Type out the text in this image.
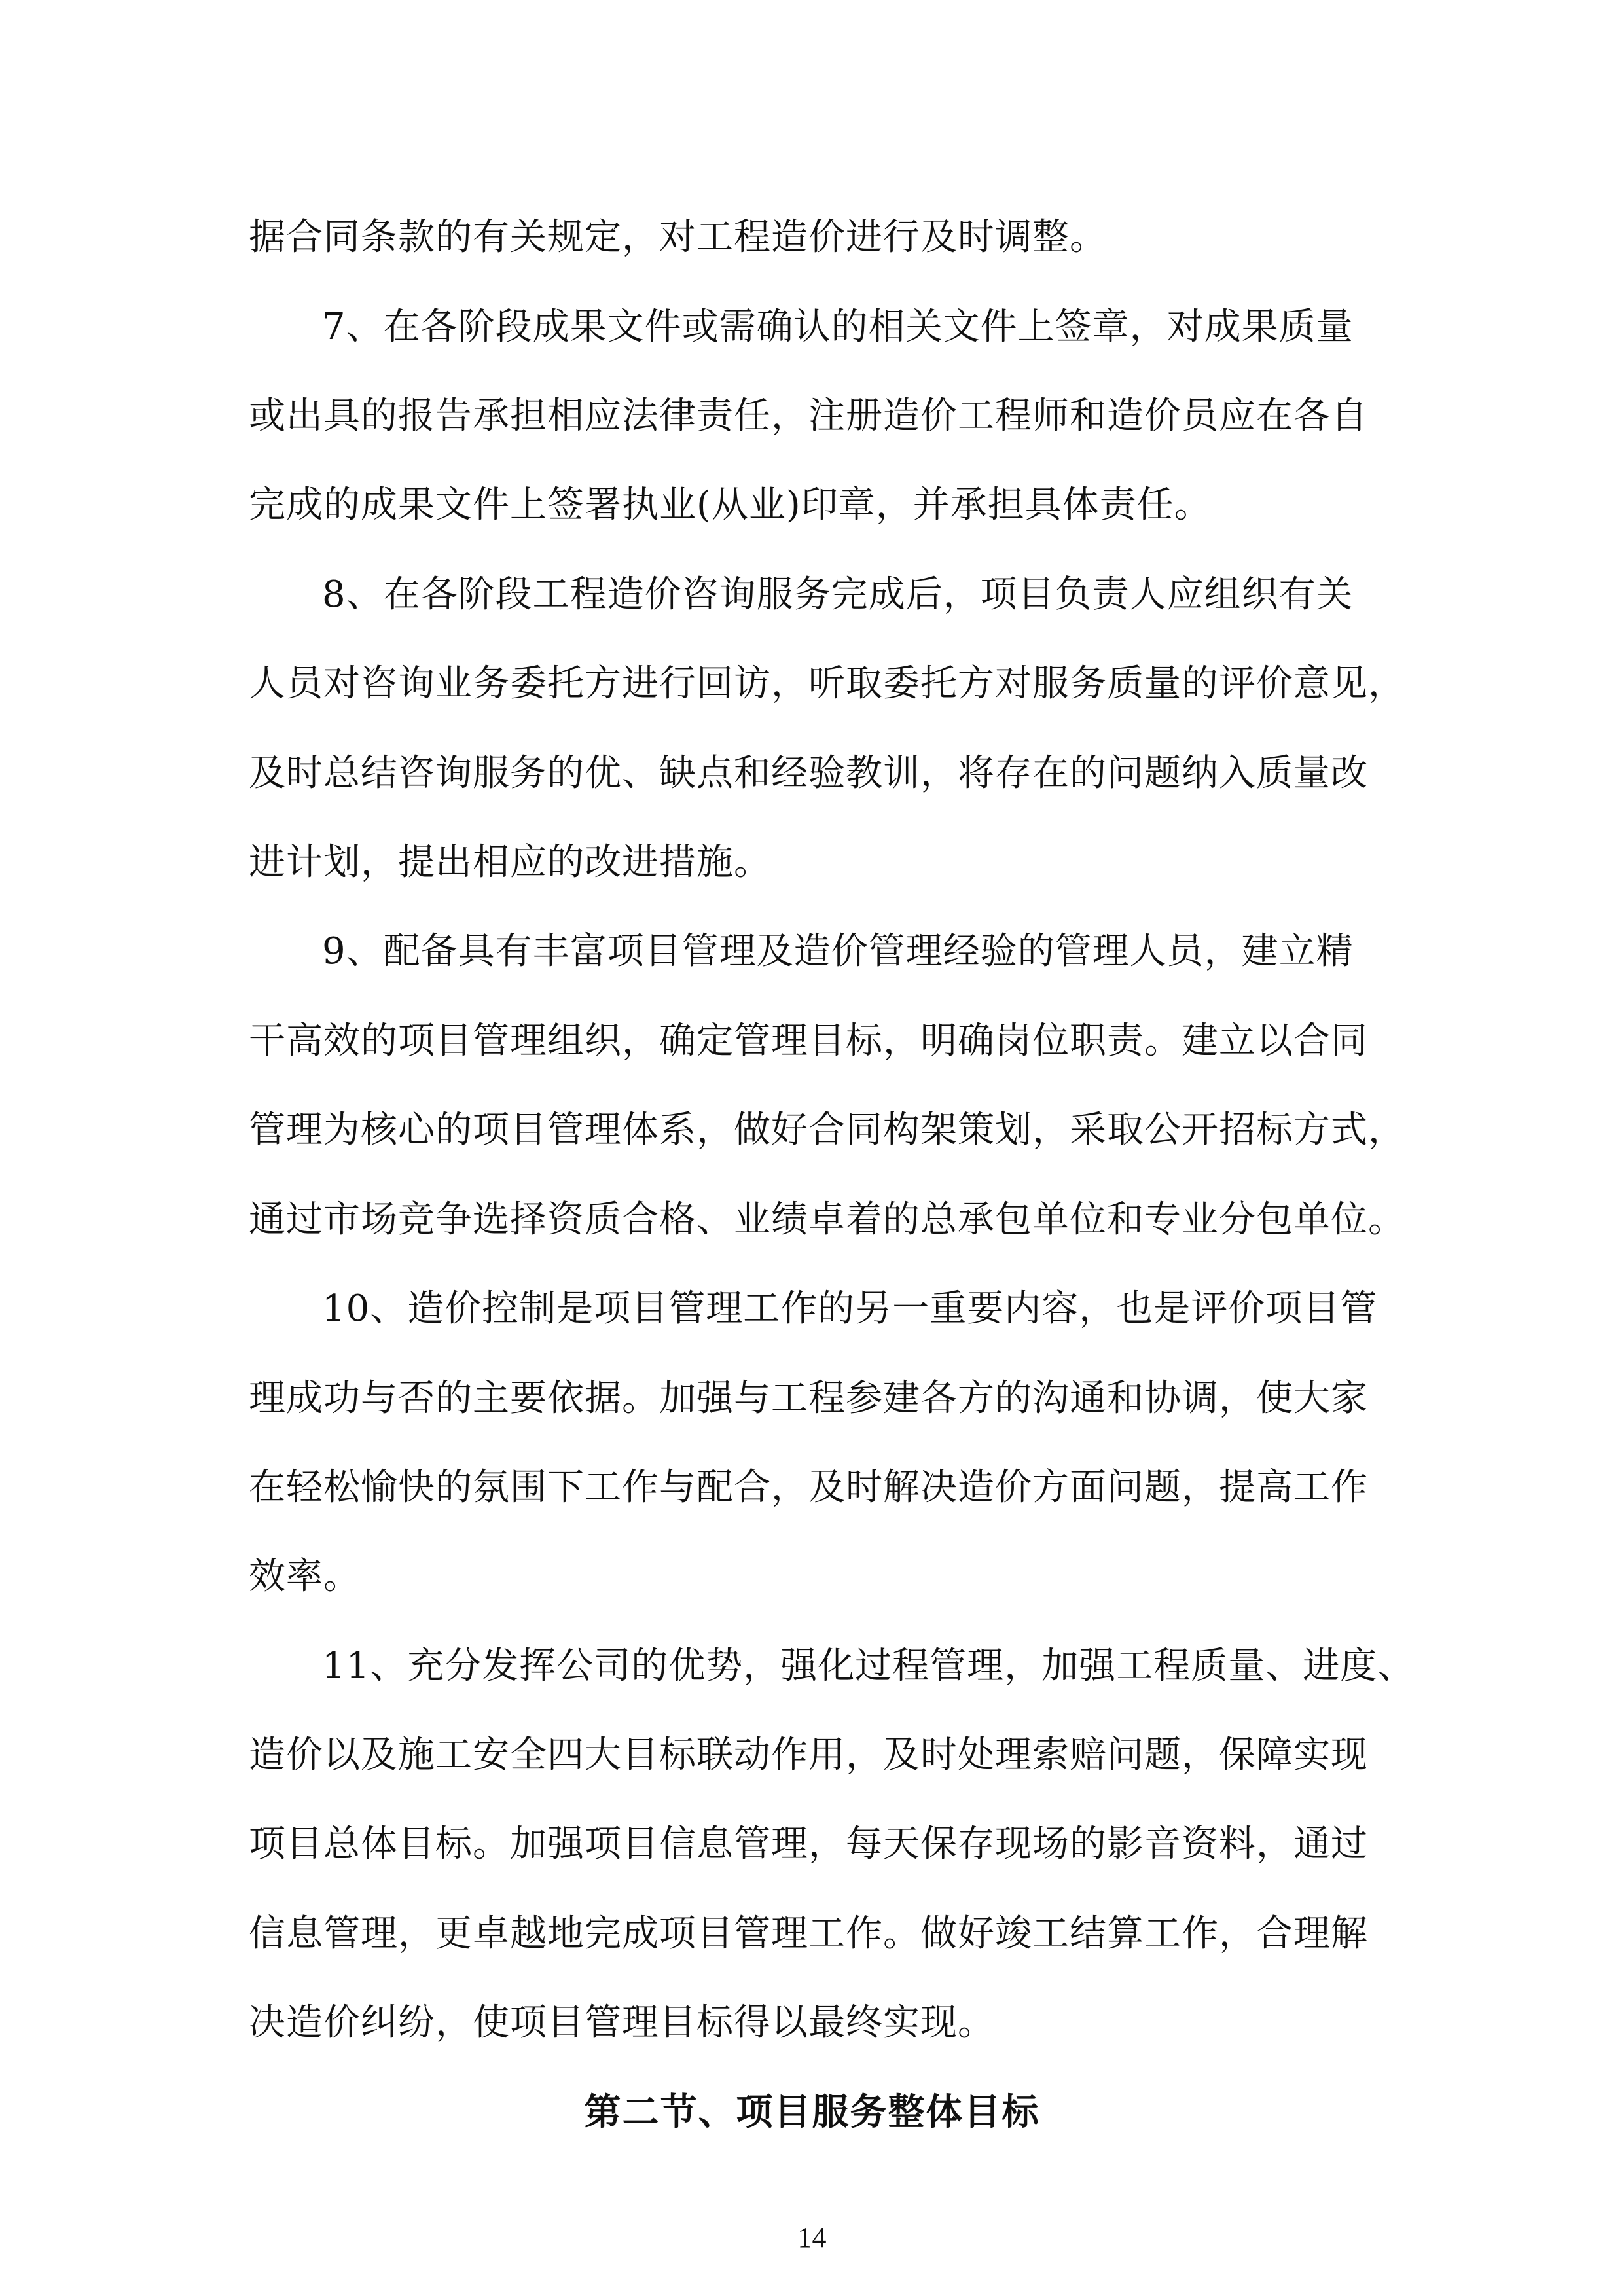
据合同条款的有关规定，对工程造价进行及时调整。
7、在各阶段成果文件或需确认的相关文件上签章，对成果质量
或出具的报告承担相应法律责任，注册造价工程师和造价员应在各自
完成的成果文件上签署执业(从业)印章，并承担具体责任。
8、在各阶段工程造价咨询服务完成后，项目负责人应组织有关
人员对咨询业务委托方进行回访，听取委托方对服务质量的评价意见，
及时总结咨询服务的优、缺点和经验教训，将存在的问题纳入质量改
进计划，提出相应的改进措施。
9、配备具有丰富项目管理及造价管理经验的管理人员，建立精
干高效的项目管理组织，确定管理目标，明确岗位职责。建立以合同
管理为核心的项目管理体系，做好合同构架策划，采取公开招标方式，
通过市场竞争选择资质合格、业绩卓着的总承包单位和专业分包单位。
10、造价控制是项目管理工作的另一重要内容，也是评价项目管
理成功与否的主要依据。加强与工程参建各方的沟通和协调，使大家
在轻松愉快的氛围下工作与配合，及时解决造价方面问题，提高工作
效率。
11、充分发挥公司的优势，强化过程管理，加强工程质量、进度、
造价以及施工安全四大目标联动作用，及时处理索赔问题，保障实现
项目总体目标。加强项目信息管理，每天保存现场的影音资料，通过
信息管理，更卓越地完成项目管理工作。做好竣工结算工作，合理解
决造价纠纷，使项目管理目标得以最终实现。
第二节、项目服务整体目标
14
